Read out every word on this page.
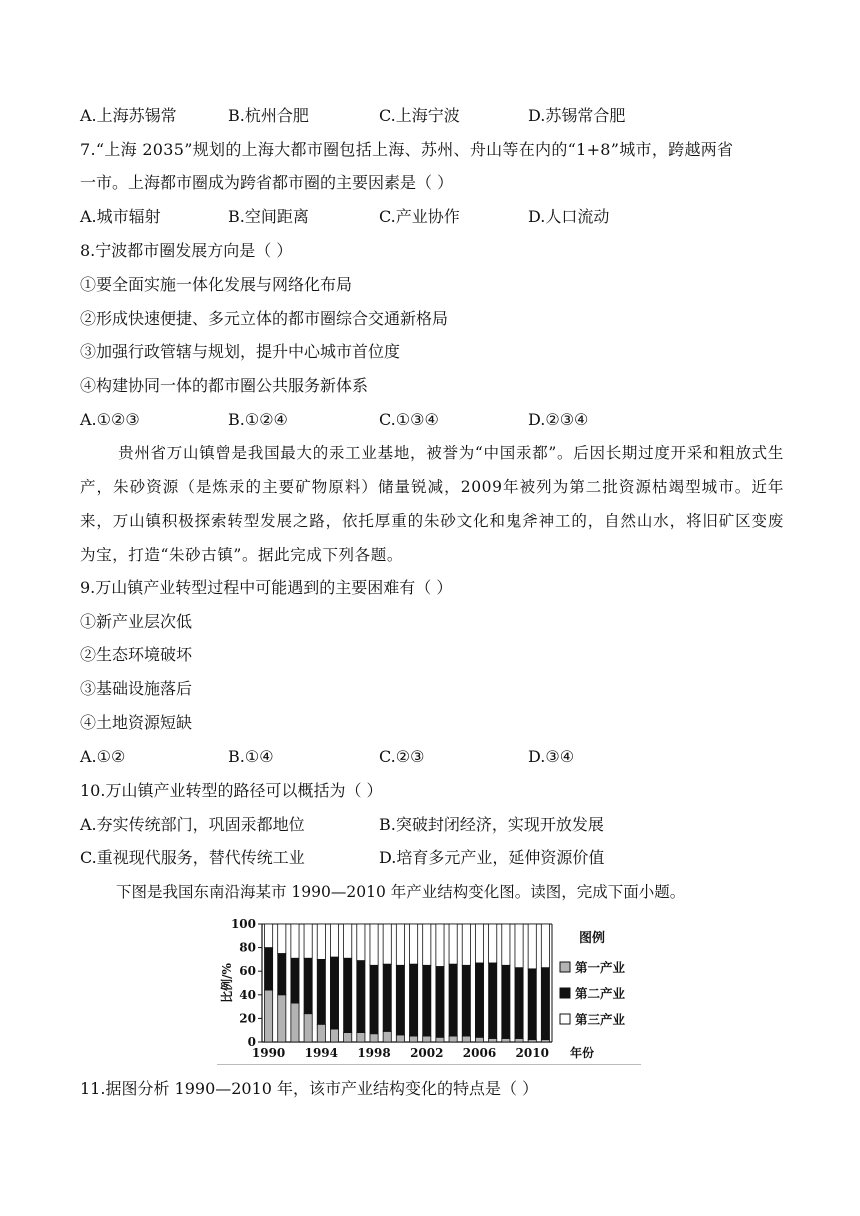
A.上海苏锡常	B.杭州合肥	C.上海宁波	D.苏锡常合肥
7.“上海 2035”规划的上海大都市圈包括上海、苏州、舟山等在内的“1+8”城市，跨越两省
一市。上海都市圈成为跨省都市圈的主要因素是（ ）
A.城市辐射	B.空间距离	C.产业协作	D.人口流动
8.宁波都市圈发展方向是（ ）
①要全面实施一体化发展与网络化布局
②形成快速便捷、多元立体的都市圈综合交通新格局
③加强行政管辖与规划，提升中心城市首位度
④构建协同一体的都市圈公共服务新体系
A.①②③	B.①②④	C.①③④	D.②③④
贵州省万山镇曾是我国最大的汞工业基地，被誉为“中国汞都”。后因长期过度开采和粗放式生产，朱砂资源（是炼汞的主要矿物原料）储量锐减，2009年被列为第二批资源枯竭型城市。近年来，万山镇积极探索转型发展之路，依托厚重的朱砂文化和鬼斧神工的，自然山水，将旧矿区变废为宝，打造“朱砂古镇”。据此完成下列各题。
9.万山镇产业转型过程中可能遇到的主要困难有（ ）
①新产业层次低
②生态环境破坏
③基础设施落后
④土地资源短缺
A.①②	B.①④	C.②③	D.③④
10.万山镇产业转型的路径可以概括为（ ）
A.夯实传统部门，巩固汞都地位	B.突破封闭经济，实现开放发展
C.重视现代服务，替代传统工业	D.培育多元产业，延伸资源价值
下图是我国东南沿海某市 1990—2010 年产业结构变化图。读图，完成下面小题。
0
20
40
60
80
100
比例/%
1990 1994 1998 2002 2006 2010 年份
图例
第一产业
第二产业
第三产业
11.据图分析 1990—2010 年，该市产业结构变化的特点是（ ）
